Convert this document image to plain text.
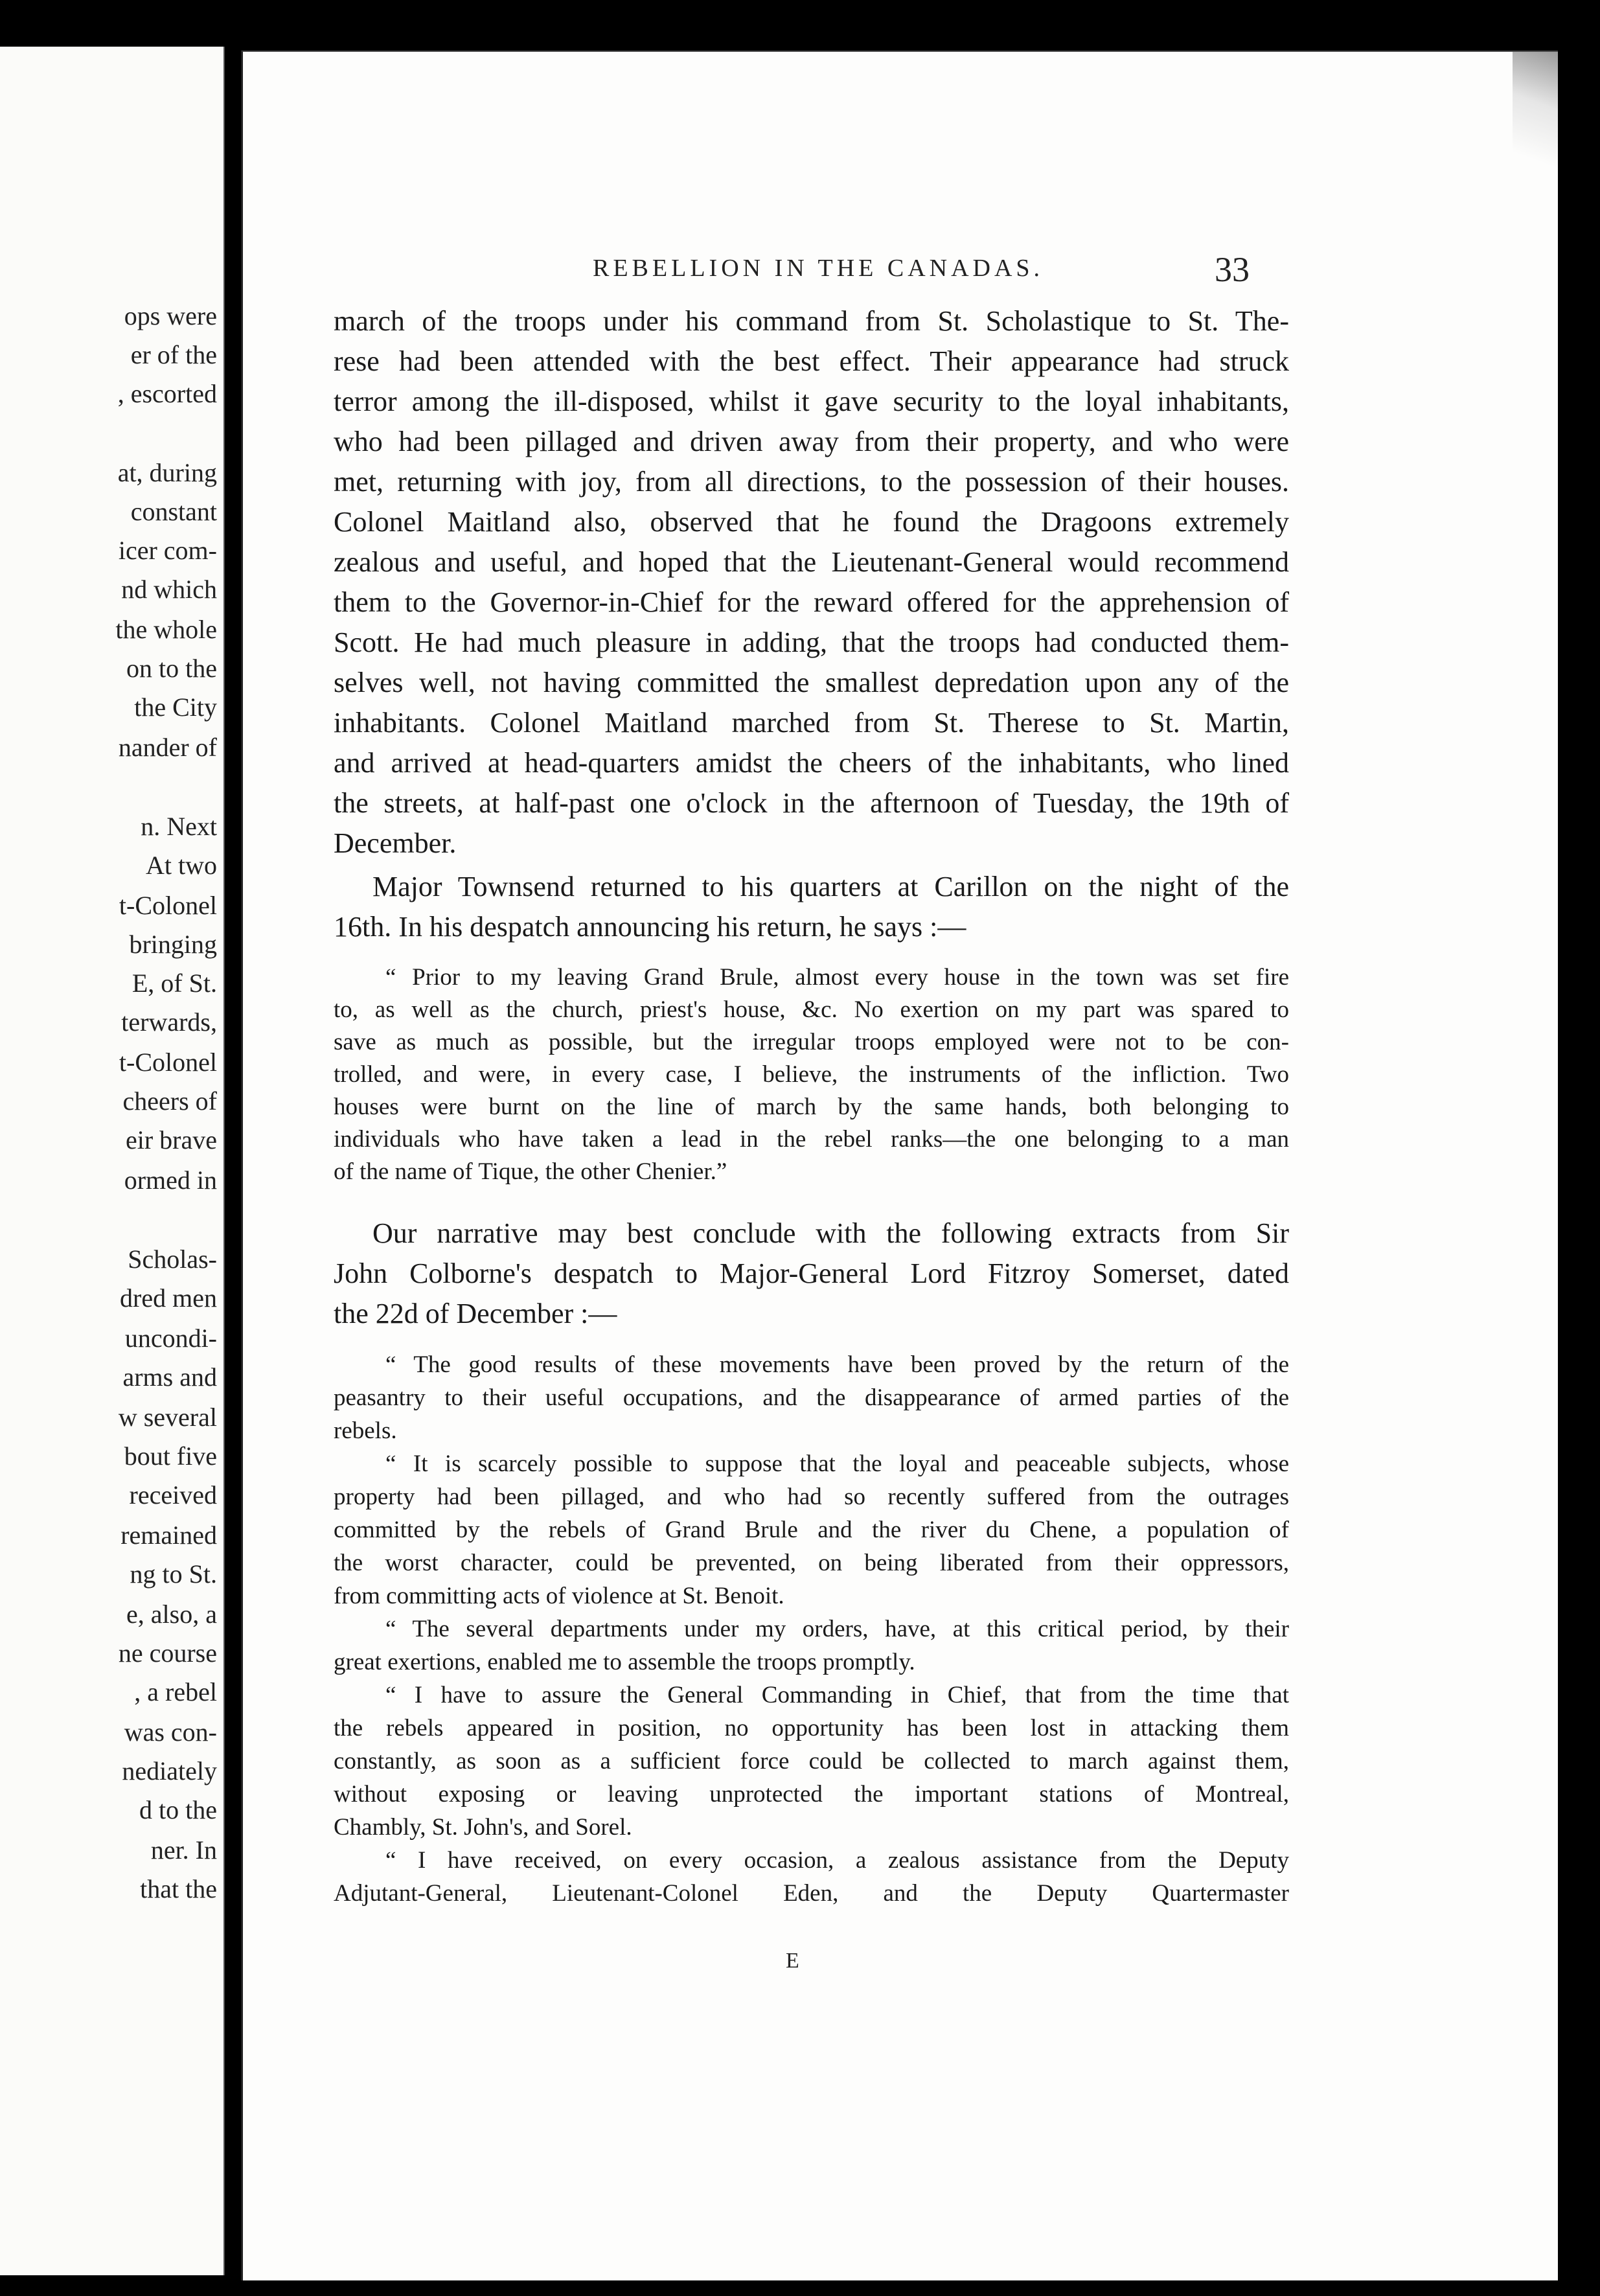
ops were
er of the
, escorted
at, during
constant
icer com-
nd which
the whole
on to the
the City
nander of
n. Next
At two
t-Colonel
bringing
E, of St.
terwards,
t-Colonel
cheers of
eir brave
ormed in
Scholas-
dred men
uncondi-
arms and
w several
bout five
received
remained
ng to St.
e, also, a
ne course
, a rebel
was con-
nediately
d to the
ner. In
that the
REBELLION IN THE CANADAS.	33
march of the troops under his command from St. Scholastique to St. The-
rese had been attended with the best effect. Their appearance had struck
terror among the ill-disposed, whilst it gave security to the loyal inhabitants,
who had been pillaged and driven away from their property, and who were
met, returning with joy, from all directions, to the possession of their houses.
Colonel Maitland also, observed that he found the Dragoons extremely
zealous and useful, and hoped that the Lieutenant-General would recommend
them to the Governor-in-Chief for the reward offered for the apprehension of
Scott. He had much pleasure in adding, that the troops had conducted them-
selves well, not having committed the smallest depredation upon any of the
inhabitants. Colonel Maitland marched from St. Therese to St. Martin,
and arrived at head-quarters amidst the cheers of the inhabitants, who lined
the streets, at half-past one o'clock in the afternoon of Tuesday, the 19th of
December.
Major Townsend returned to his quarters at Carillon on the night of the
16th. In his despatch announcing his return, he says :—
“ Prior to my leaving Grand Brule, almost every house in the town was set fire
to, as well as the church, priest's house, &c. No exertion on my part was spared to
save as much as possible, but the irregular troops employed were not to be con-
trolled, and were, in every case, I believe, the instruments of the infliction. Two
houses were burnt on the line of march by the same hands, both belonging to
individuals who have taken a lead in the rebel ranks—the one belonging to a man
of the name of Tique, the other Chenier.”
Our narrative may best conclude with the following extracts from Sir
John Colborne's despatch to Major-General Lord Fitzroy Somerset, dated
the 22d of December :—
“ The good results of these movements have been proved by the return of the
peasantry to their useful occupations, and the disappearance of armed parties of the
rebels.
“ It is scarcely possible to suppose that the loyal and peaceable subjects, whose
property had been pillaged, and who had so recently suffered from the outrages
committed by the rebels of Grand Brule and the river du Chene, a population of
the worst character, could be prevented, on being liberated from their oppressors,
from committing acts of violence at St. Benoit.
“ The several departments under my orders, have, at this critical period, by their
great exertions, enabled me to assemble the troops promptly.
“ I have to assure the General Commanding in Chief, that from the time that
the rebels appeared in position, no opportunity has been lost in attacking them
constantly, as soon as a sufficient force could be collected to march against them,
without exposing or leaving unprotected the important stations of Montreal,
Chambly, St. John's, and Sorel.
“ I have received, on every occasion, a zealous assistance from the Deputy
Adjutant-General, Lieutenant-Colonel Eden, and the Deputy Quartermaster
E
